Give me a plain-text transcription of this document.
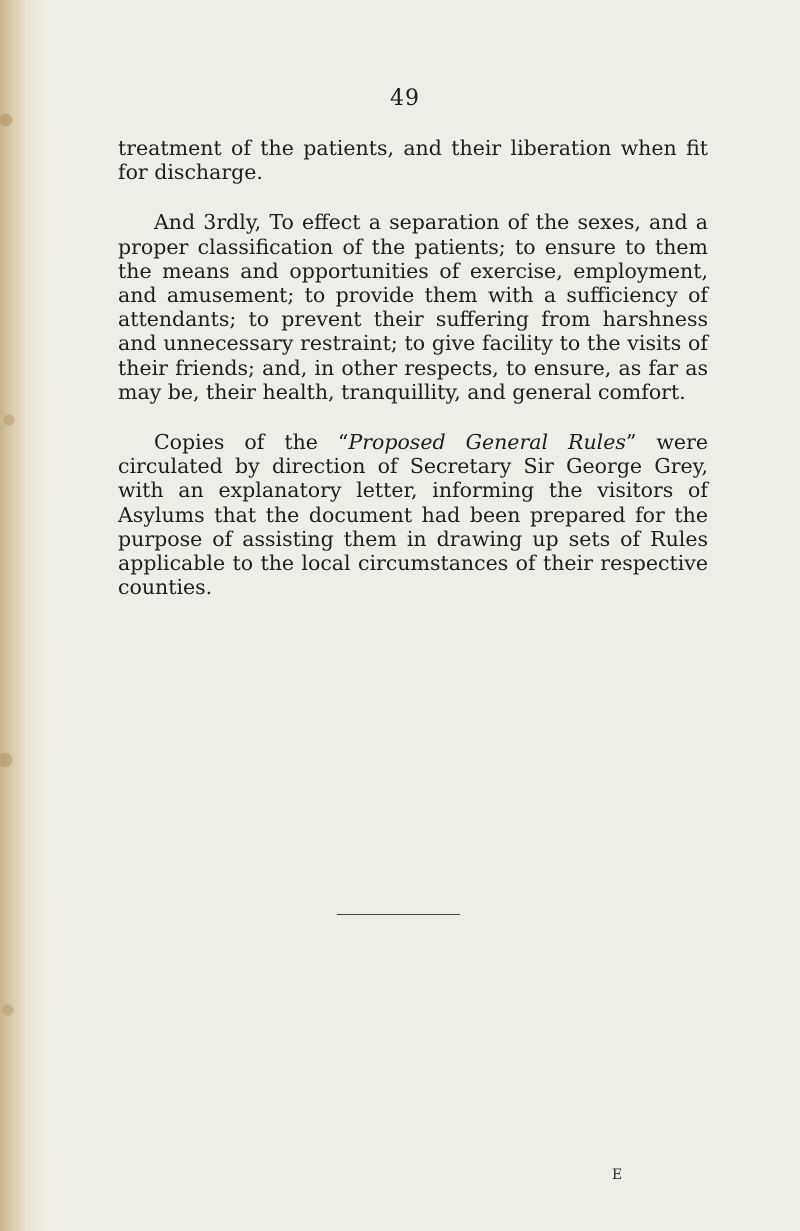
49

treatment of the patients, and their liberation when fit for discharge.

And 3rdly, To effect a separation of the sexes, and a proper classification of the patients; to ensure to them the means and opportunities of exercise, employment, and amusement; to provide them with a sufficiency of attendants; to prevent their suffering from harshness and unnecessary restraint; to give facility to the visits of their friends; and, in other respects, to ensure, as far as may be, their health, tranquillity, and general comfort.

Copies of the “Proposed General Rules” were circulated by direction of Secretary Sir George Grey, with an explanatory letter, informing the visitors of Asylums that the document had been prepared for the purpose of assisting them in drawing up sets of Rules applicable to the local circumstances of their respective counties.

E
